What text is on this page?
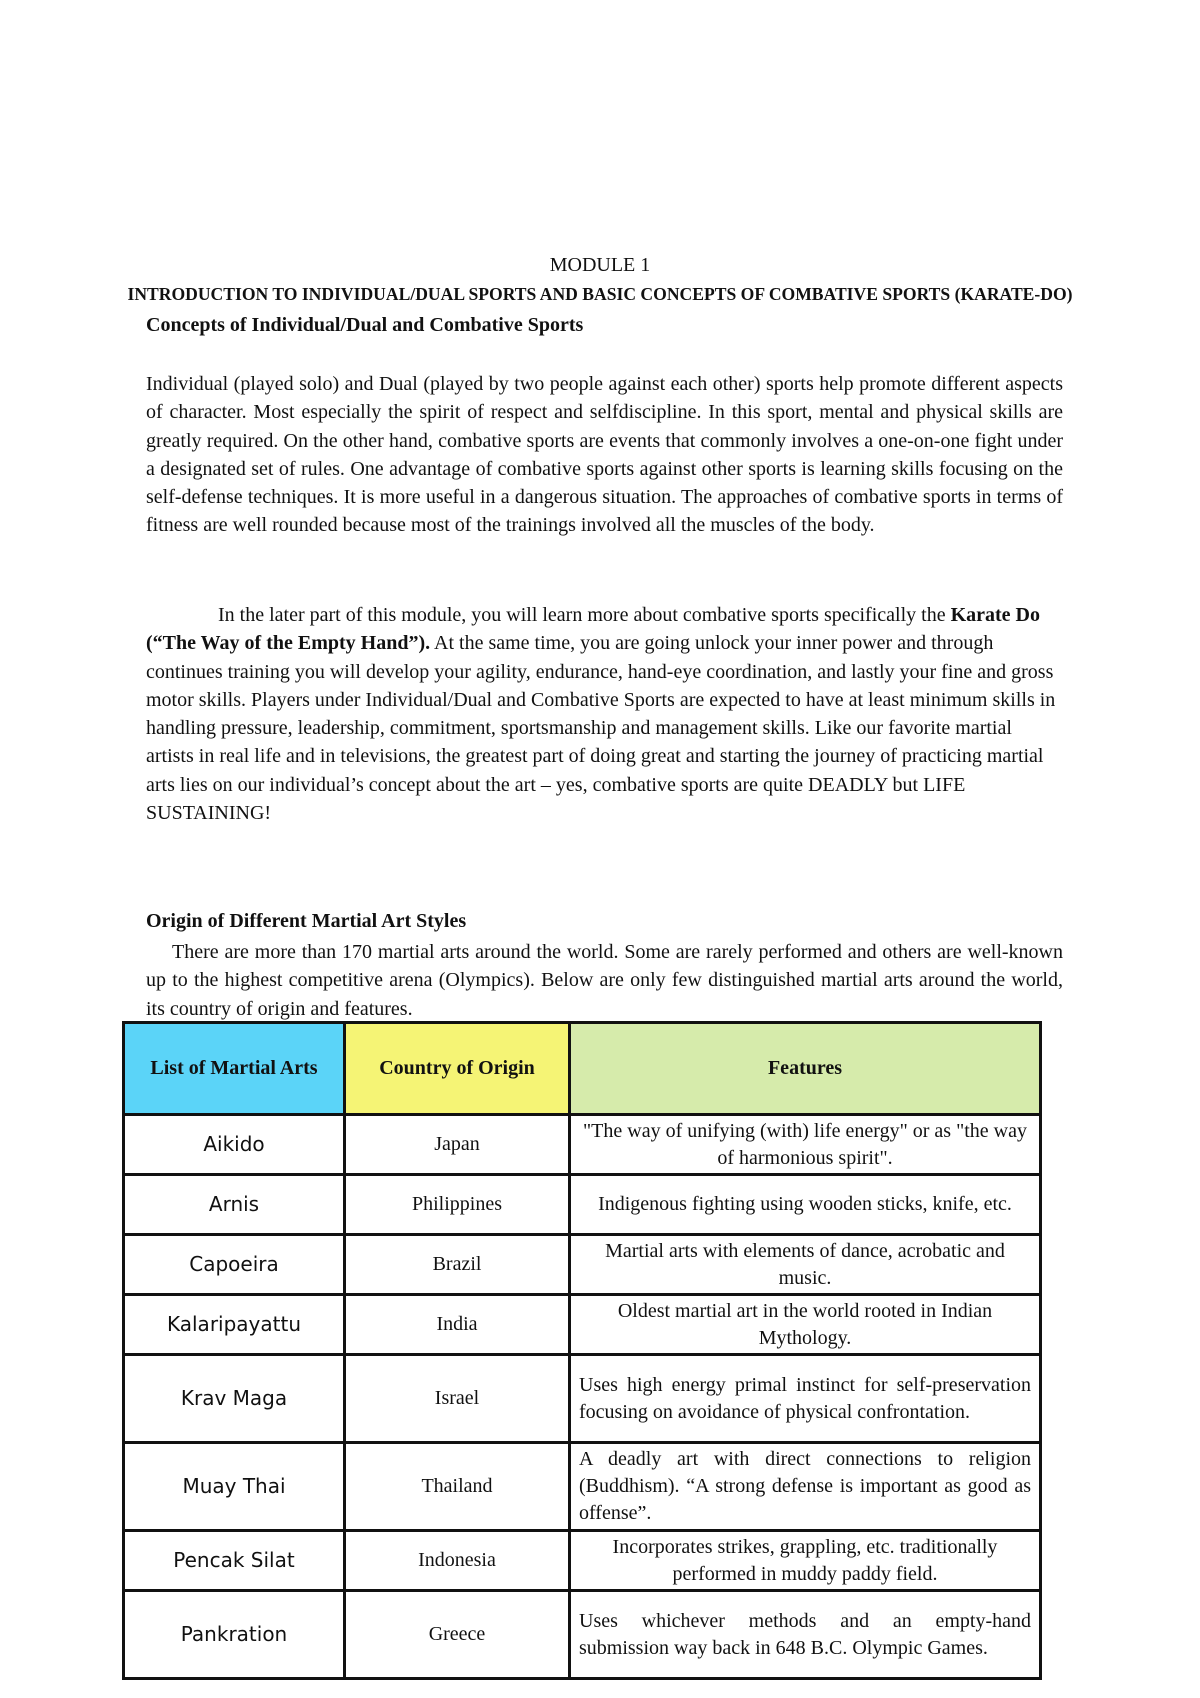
MODULE 1
INTRODUCTION TO INDIVIDUAL/DUAL SPORTS AND BASIC CONCEPTS OF COMBATIVE SPORTS (KARATE-DO)
Concepts of Individual/Dual and Combative Sports
Individual (played solo) and Dual (played by two people against each other) sports help promote different aspects of character. Most especially the spirit of respect and selfdiscipline. In this sport, mental and physical skills are greatly required. On the other hand, combative sports are events that commonly involves a one-on-one fight under a designated set of rules. One advantage of combative sports against other sports is learning skills focusing on the self-defense techniques. It is more useful in a dangerous situation. The approaches of combative sports in terms of fitness are well rounded because most of the trainings involved all the muscles of the body.
In the later part of this module, you will learn more about combative sports specifically the Karate Do (“The Way of the Empty Hand”). At the same time, you are going unlock your inner power and through continues training you will develop your agility, endurance, hand-eye coordination, and lastly your fine and gross motor skills. Players under Individual/Dual and Combative Sports are expected to have at least minimum skills in handling pressure, leadership, commitment, sportsmanship and management skills. Like our favorite martial artists in real life and in televisions, the greatest part of doing great and starting the journey of practicing martial arts lies on our individual’s concept about the art – yes, combative sports are quite DEADLY but LIFE SUSTAINING!
Origin of Different Martial Art Styles
There are more than 170 martial arts around the world. Some are rarely performed and others are well-known up to the highest competitive arena (Olympics). Below are only few distinguished martial arts around the world, its country of origin and features.
List of Martial Arts	Country of Origin	Features
Aikido	Japan	"The way of unifying (with) life energy" or as "the way of harmonious spirit".
Arnis	Philippines	Indigenous fighting using wooden sticks, knife, etc.
Capoeira	Brazil	Martial arts with elements of dance, acrobatic and music.
Kalaripayattu	India	Oldest martial art in the world rooted in Indian Mythology.
Krav Maga	Israel	Uses high energy primal instinct for self-preservation focusing on avoidance of physical confrontation.
Muay Thai	Thailand	A deadly art with direct connections to religion (Buddhism). “A strong defense is important as good as offense”.
Pencak Silat	Indonesia	Incorporates strikes, grappling, etc. traditionally performed in muddy paddy field.
Pankration	Greece	Uses whichever methods and an empty-hand submission way back in 648 B.C. Olympic Games.
